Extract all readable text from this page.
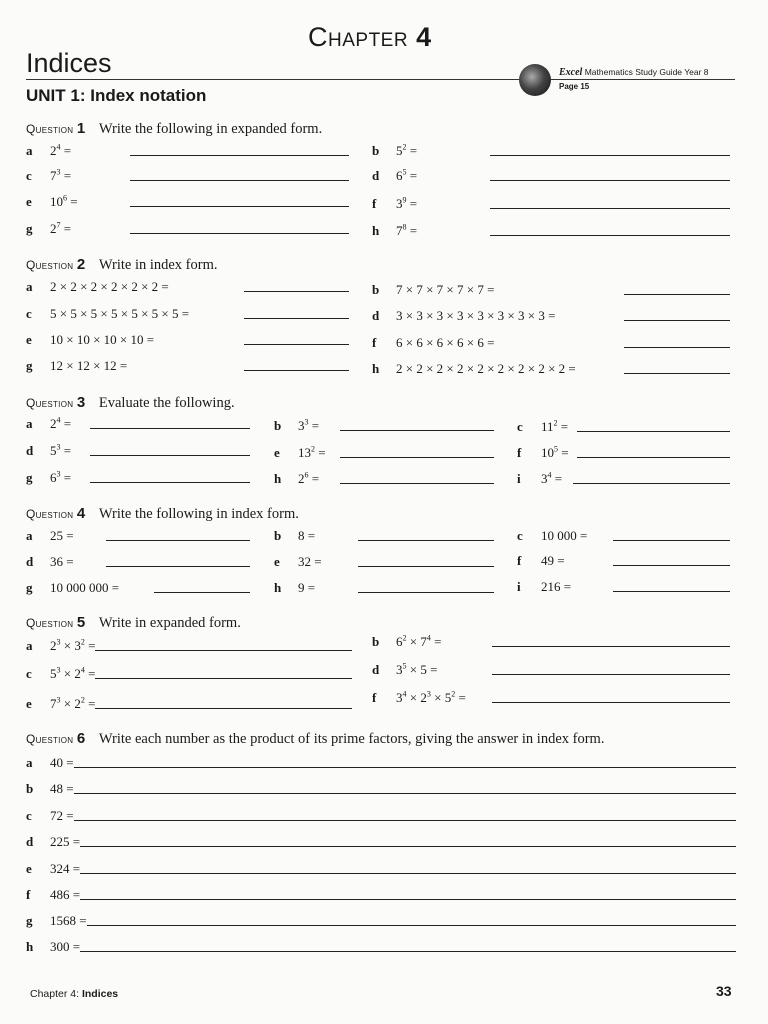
Chapter 4
Indices	Excel Mathematics Study Guide Year 8
Page 15
UNIT 1: Index notation
Question 1 Write the following in expanded form.
a	$2^4$ =	b	$5^2$ =
c	$7^3$ =	d	$6^5$ =
e	$10^6$ =	f	$3^9$ =
g	$2^7$ =	h	$7^8$ =
Question 2 Write in index form.
a	2 × 2 × 2 × 2 × 2 × 2 =	b	7 × 7 × 7 × 7 × 7 =
c	5 × 5 × 5 × 5 × 5 × 5 × 5 =	d	3 × 3 × 3 × 3 × 3 × 3 × 3 × 3 =
e	10 × 10 × 10 × 10 =	f	6 × 6 × 6 × 6 × 6 =
g	12 × 12 × 12 =	h	2 × 2 × 2 × 2 × 2 × 2 × 2 × 2 × 2 =
Question 3 Evaluate the following.
a	$2^4$ =	b	$3^3$ =	c	$11^2$ =
d	$5^3$ =	e	$13^2$ =	f	$10^5$ =
g	$6^3$ =	h	$2^6$ =	i	$3^4$ =
Question 4 Write the following in index form.
a	25 =	b	8 =	c	10 000 =
d	36 =	e	32 =	f	49 =
g	10 000 000 =	h	9 =	i	216 =
Question 5 Write in expanded form.
a	$2^3 \times 3^2$ =	b	$6^2 \times 7^4$ =
c	$5^3 \times 2^4$ =	d	$3^5 \times 5$ =
e	$7^3 \times 2^2$ =	f	$3^4 \times 2^3 \times 5^2$ =
Question 6 Write each number as the product of its prime factors, giving the answer in index form.
a	40 =
b	48 =
c	72 =
d	225 =
e	324 =
f	486 =
g	1568 =
h	300 =
Chapter 4: Indices	33
